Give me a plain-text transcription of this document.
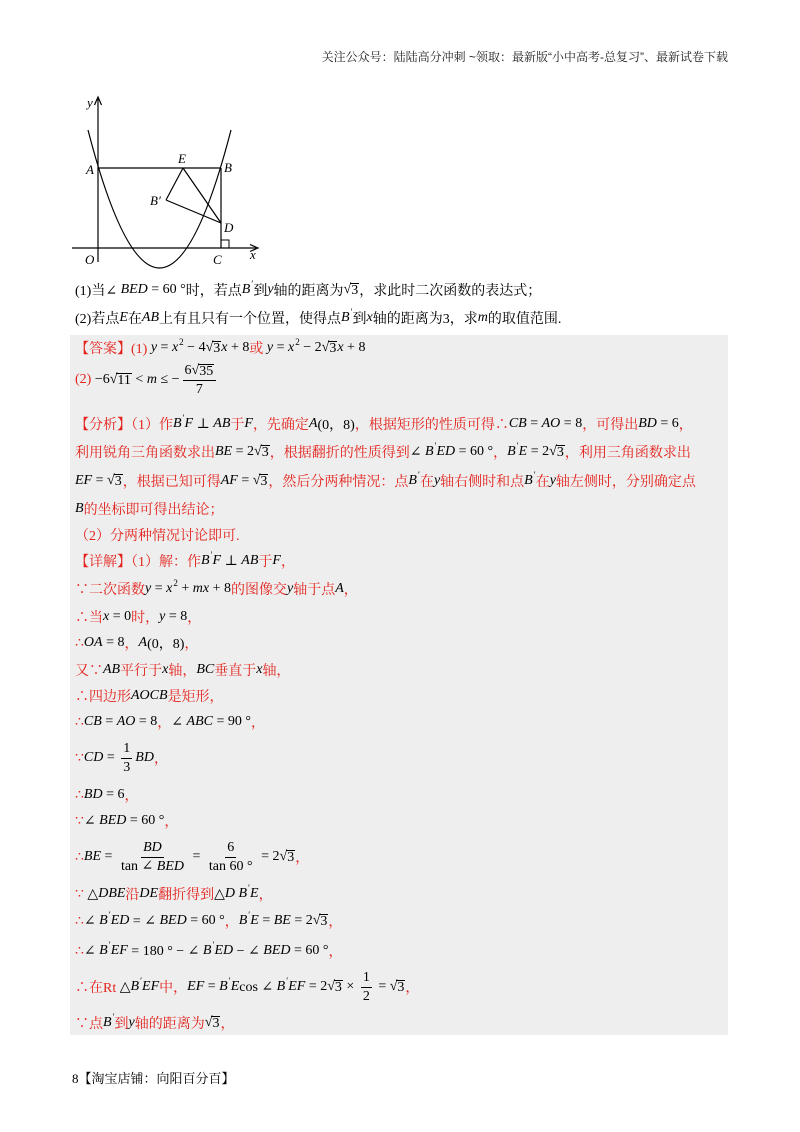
关注公众号：陆陆高分冲刺 ~领取：最新版“小中高考-总复习”、最新试卷下载
y
x
O
A	B
C
D
E
B′
(1)当∠ BED = 60 ° 时，若点 B ′ 到 y 轴的距离为 √ 3 ，求此时二次函数的表达式；
(2)若点 E 在 AB 上有且只有一个位置，使得点 B ′ 到 x 轴的距离为3，求 m 的取值范围.
【答案】(1) y = x 2 − 4 √ 3 x + 8 或 y = x 2 − 2 √ 3 x + 8
(2) −6 √ 11 < m ≤ − $\frac{6 √ 35}{7}$
【分析】（1）作 B ′ F ⊥ AB 于 F ，先确定 A (0，8) ，根据矩形的性质可得∴ CB = AO = 8 ，可得出 BD = 6 ，
利用锐角三角函数求出 BE = 2 √ 3 ，根据翻折的性质得到 ∠ B ′ ED = 60 ° ， B ′ E = 2 √ 3 ，利用三角函数求出
EF = √ 3 ，根据已知可得 AF = √ 3 ，然后分两种情况：点 B ′ 在 y 轴右侧时和点 B ′ 在 y 轴左侧时，分别确定点
B 的坐标即可得出结论；
（2）分两种情况讨论即可.
【详解】（1）解：作 B ′ F ⊥ AB 于 F ，
∵二次函数 y = x 2 + mx + 8 的图像交 y 轴于点 A ，
∴当 x = 0 时， y = 8 ，
∴ OA = 8 ， A (0，8) ，
又∵ AB 平行于 x 轴， BC 垂直于 x 轴，
∴四边形 AOCB 是矩形，
∴ CB = AO = 8 ， ∠ ABC = 90 ° ，
∵ CD = $\frac{1}{3}$ BD ，
∴ BD = 6 ，
∵ ∠ BED = 60 ° ，
∴ BE =
BD
tan ∠ BED
= $\frac{6}{\tan 60 ^\circ} = 2$ √ 3 ，
∵ △ DBE 沿 DE 翻折得到 △ D B ′ E ，
∴ ∠ B ′ ED = ∠ BED = 60 ° ， B ′ E = BE = 2 √ 3 ，
∴ ∠ B ′ EF = 180 ° − ∠ B ′ ED − ∠ BED = 60 ° ，
∴在Rt △ B ′ EF 中， EF = B ′ E cos ∠ B ′ EF = 2 √ $3 \times \frac{1}{2}$ = √ 3 ，
∵点 B ′ 到 y 轴的距离为 √ 3 ，
8【淘宝店铺：向阳百分百】
